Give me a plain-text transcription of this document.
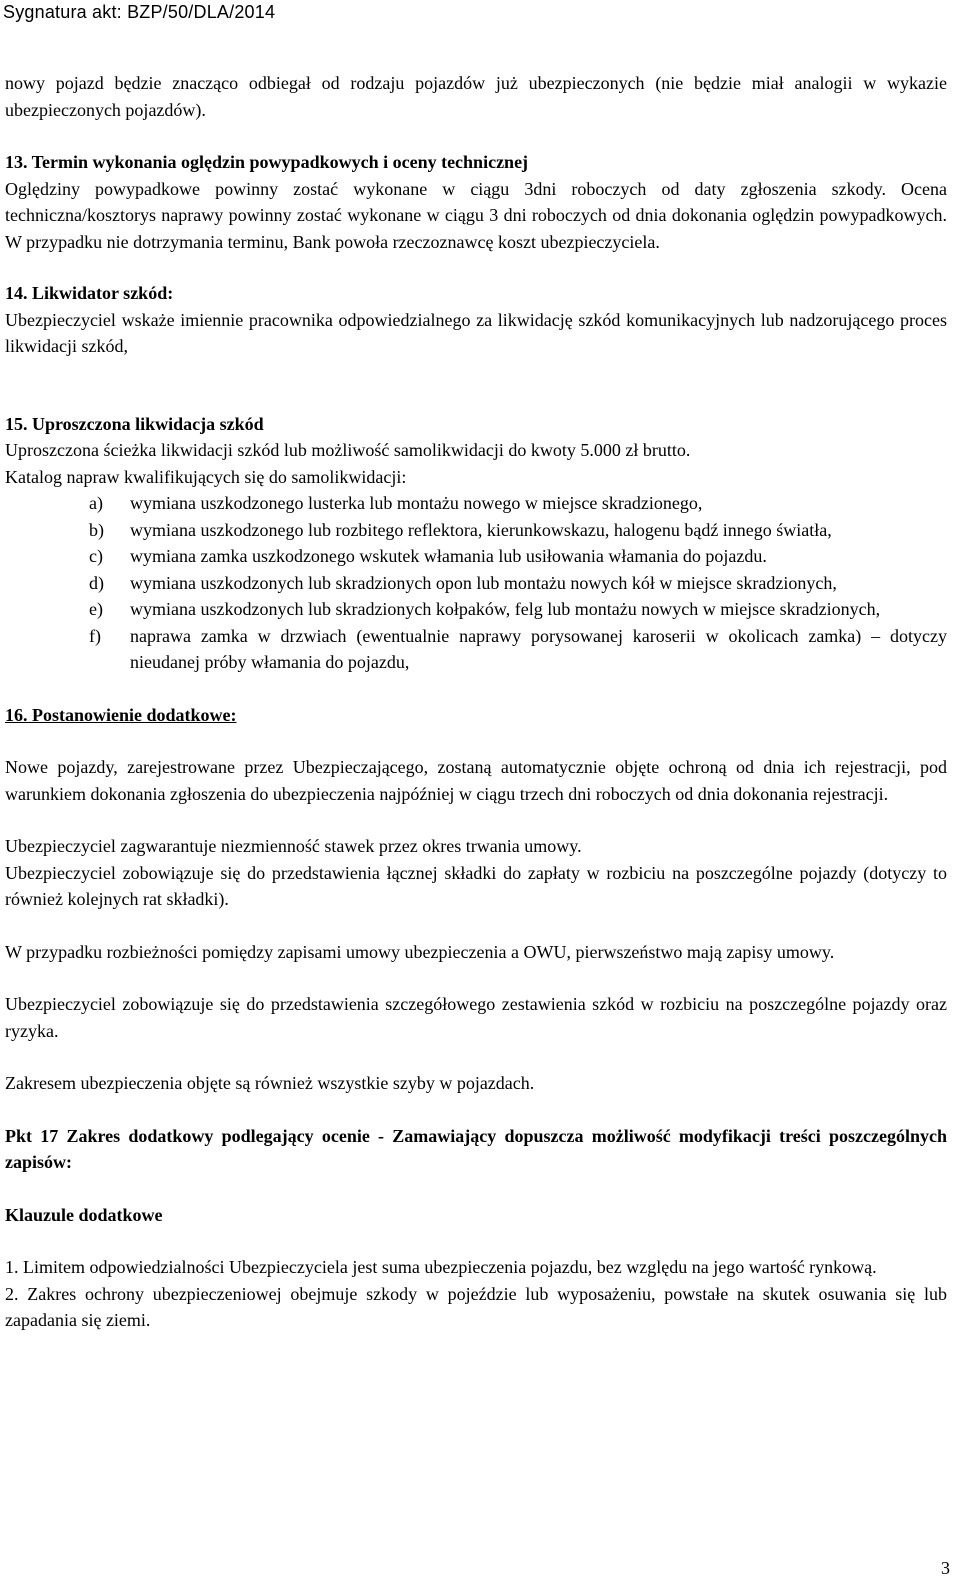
Sygnatura akt: BZP/50/DLA/2014

nowy pojazd będzie znacząco odbiegał od rodzaju pojazdów już ubezpieczonych (nie będzie miał analogii w wykazie ubezpieczonych pojazdów).

13. Termin wykonania oględzin powypadkowych i oceny technicznej

Oględziny powypadkowe powinny zostać wykonane w ciągu 3dni roboczych od daty zgłoszenia szkody. Ocena techniczna/kosztorys naprawy powinny zostać wykonane w ciągu 3 dni roboczych od dnia dokonania oględzin powypadkowych. W przypadku nie dotrzymania terminu, Bank powoła rzeczoznawcę koszt ubezpieczyciela.

14. Likwidator szkód:

Ubezpieczyciel wskaże imiennie pracownika odpowiedzialnego za likwidację szkód komunikacyjnych lub nadzorującego proces likwidacji szkód,

15. Uproszczona likwidacja szkód

Uproszczona ścieżka likwidacji szkód lub możliwość samolikwidacji do kwoty 5.000 zł brutto.

Katalog napraw kwalifikujących się do samolikwidacji:

a) wymiana uszkodzonego lusterka lub montażu nowego w miejsce skradzionego,
b) wymiana uszkodzonego lub rozbitego reflektora, kierunkowskazu, halogenu bądź innego światła,
c) wymiana zamka uszkodzonego wskutek włamania lub usiłowania włamania do pojazdu.
d) wymiana uszkodzonych lub skradzionych opon lub montażu nowych kół w miejsce skradzionych,
e) wymiana uszkodzonych lub skradzionych kołpaków, felg lub montażu nowych w miejsce skradzionych,
f) naprawa zamka w drzwiach (ewentualnie naprawy porysowanej karoserii w okolicach zamka) – dotyczy nieudanej próby włamania do pojazdu,

16. Postanowienie dodatkowe:

Nowe pojazdy, zarejestrowane przez Ubezpieczającego, zostaną automatycznie objęte ochroną od dnia ich rejestracji, pod warunkiem dokonania zgłoszenia do ubezpieczenia najpóźniej w ciągu trzech dni roboczych od dnia dokonania rejestracji.

Ubezpieczyciel zagwarantuje niezmienność stawek przez okres trwania umowy.

Ubezpieczyciel zobowiązuje się do przedstawienia łącznej składki do zapłaty w rozbiciu na poszczególne pojazdy (dotyczy to również kolejnych rat składki).

W przypadku rozbieżności pomiędzy zapisami umowy ubezpieczenia a OWU, pierwszeństwo mają zapisy umowy.

Ubezpieczyciel zobowiązuje się do przedstawienia szczegółowego zestawienia szkód w rozbiciu na poszczególne pojazdy oraz ryzyka.

Zakresem ubezpieczenia objęte są również wszystkie szyby w pojazdach.

Pkt 17 Zakres dodatkowy podlegający ocenie - Zamawiający dopuszcza możliwość modyfikacji treści poszczególnych zapisów:

Klauzule dodatkowe

1. Limitem odpowiedzialności Ubezpieczyciela jest suma ubezpieczenia pojazdu, bez względu na jego wartość rynkową.

2. Zakres ochrony ubezpieczeniowej obejmuje szkody w pojeździe lub wyposażeniu, powstałe na skutek osuwania się lub zapadania się ziemi.

3
